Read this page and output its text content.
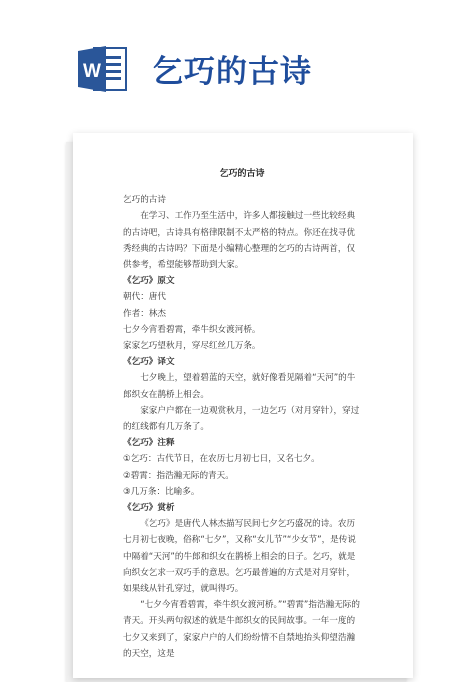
W 乞巧的古诗
乞巧的古诗

乞巧的古诗

在学习、工作乃至生活中，许多人都接触过一些比较经典的古诗吧，古诗具有格律限制不太严格的特点。你还在找寻优秀经典的古诗吗？下面是小编精心整理的乞巧的古诗两首，仅供参考，希望能够帮助到大家。

《乞巧》原文

朝代：唐代

作者：林杰

七夕今宵看碧霄，牵牛织女渡河桥。

家家乞巧望秋月，穿尽红丝几万条。

《乞巧》译文

七夕晚上，望着碧蓝的天空，就好像看见隔着“天河”的牛郎织女在鹊桥上相会。

家家户户都在一边观赏秋月，一边乞巧（对月穿针），穿过的红线都有几万条了。

《乞巧》注释

①乞巧：古代节日，在农历七月初七日，又名七夕。

②碧霄：指浩瀚无际的青天。

③几万条：比喻多。

《乞巧》赏析

《乞巧》是唐代人林杰描写民间七夕乞巧盛况的诗。农历七月初七夜晚，俗称“七夕”，又称“女儿节”“少女节”，是传说中隔着“天河”的牛郎和织女在鹊桥上相会的日子。乞巧，就是向织女乞求一双巧手的意思。乞巧最普遍的方式是对月穿针，如果线从针孔穿过，就叫得巧。

“七夕今宵看碧霄，牵牛织女渡河桥。”“碧霄”指浩瀚无际的青天。开头两句叙述的就是牛郎织女的民间故事。一年一度的七夕又来到了，家家户户的人们纷纷情不自禁地抬头仰望浩瀚的天空，这是
